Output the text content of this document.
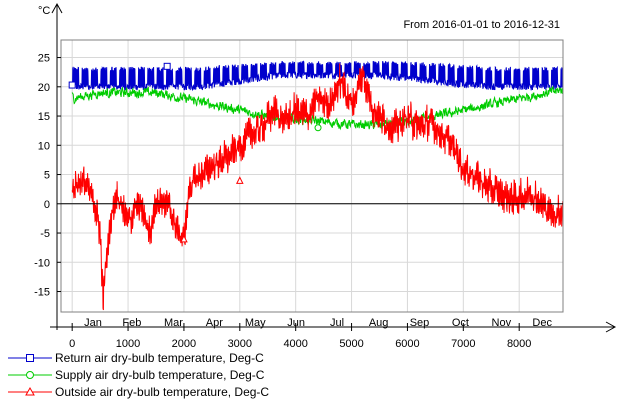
-15
-10
-5
0
5
10
15
20
25
0	1000	2000	3000	4000	5000	6000	7000	8000
Jan Feb Mar Apr May Jun Jul Aug Sep Oct Nov Dec
°C
From 2016-01-01 to 2016-12-31
Return air dry-bulb temperature, Deg-C
Supply air dry-bulb temperature, Deg-C
Outside air dry-bulb temperature, Deg-C
